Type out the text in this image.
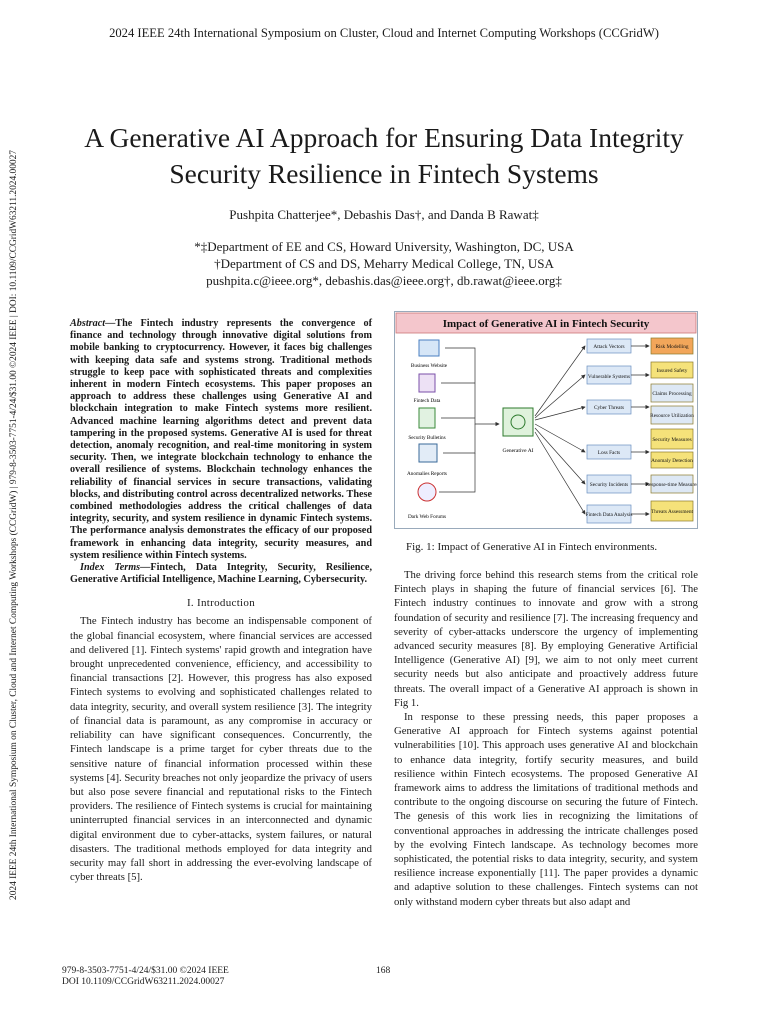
2024 IEEE 24th International Symposium on Cluster, Cloud and Internet Computing Workshops (CCGridW)
2024 IEEE 24th International Symposium on Cluster, Cloud and Internet Computing Workshops (CCGridW) | 979-8-3503-7751-4/24/$31.00 ©2024 IEEE | DOI: 10.1109/CCGridW63211.2024.00027
A Generative AI Approach for Ensuring Data Integrity Security Resilience in Fintech Systems
Pushpita Chatterjee*, Debashis Das†, and Danda B Rawat‡
*‡Department of EE and CS, Howard University, Washington, DC, USA
†Department of CS and DS, Meharry Medical College, TN, USA
pushpita.c@ieee.org*, debashis.das@ieee.org†, db.rawat@ieee.org‡
Abstract—The Fintech industry represents the convergence of finance and technology through innovative digital solutions from mobile banking to cryptocurrency. However, it faces big challenges with keeping data safe and systems strong. Traditional methods struggle to keep pace with sophisticated threats and complexities inherent in modern Fintech ecosystems. This paper proposes an approach to address these challenges using Generative AI and blockchain integration to make Fintech systems more resilient. Advanced machine learning algorithms detect and prevent data tampering in the proposed systems. Generative AI is used for threat detection, anomaly recognition, and real-time monitoring in system security. Then, we integrate blockchain technology to enhance the overall resilience of systems. Blockchain technology enhances the reliability of financial services in secure transactions, validating blocks, and distributing control across decentralized networks. These combined methodologies address the critical challenges of data integrity, security, and system resilience in dynamic Fintech systems. The performance analysis demonstrates the efficacy of our proposed framework in enhancing data integrity, security measures, and system resilience within Fintech systems.
Index Terms—Fintech, Data Integrity, Security, Resilience, Generative Artificial Intelligence, Machine Learning, Cybersecurity.
I. Introduction

The Fintech industry has become an indispensable component of the global financial ecosystem, where financial services are accessed and delivered [1]. Fintech systems' rapid growth and integration have brought unprecedented convenience, efficiency, and accessibility to financial transactions [2]. However, this progress has also exposed Fintech systems to evolving and sophisticated challenges related to data integrity, security, and overall system resilience [3]. The integrity of financial data is paramount, as any compromise in accuracy or reliability can have significant consequences. Concurrently, the Fintech landscape is a prime target for cyber threats due to the sensitive nature of financial information processed within these systems [4]. Security breaches not only jeopardize the privacy of users but also pose severe financial and reputational risks to the Fintech providers. The resilience of Fintech systems is crucial for maintaining uninterrupted financial services in an interconnected and dynamic digital environment due to cyber-attacks, system failures, or natural disasters. The traditional methods employed for data integrity and security may fall short in addressing the ever-evolving landscape of cyber threats [5].

Impact of Generative AI in Fintech Security
Business Website
Fintech Data
Security Bulletins
Anomalies Reports
Dark Web Forums
Generative AI
Attack Vectors
Vulnerable Systems
Cyber Threats
Loss Facts
Security Incidents
Fintech Data Analysis
Risk Modelling
Insured Safety
Claims Processing
Resource Utilization
Security Measures
Anomaly Detection
Response-time Measures
Threats Assessment
Fig. 1: Impact of Generative AI in Fintech environments.

The driving force behind this research stems from the critical role Fintech plays in shaping the future of financial services [6]. The Fintech industry continues to innovate and grow with a strong foundation of security and resilience [7]. The increasing frequency and severity of cyber-attacks underscore the urgency of implementing advanced security measures [8]. By employing Generative Artificial Intelligence (Generative AI) [9], we aim to not only meet current security needs but also anticipate and proactively address future threats. The overall impact of a Generative AI approach is shown in Fig 1.

In response to these pressing needs, this paper proposes a Generative AI approach for Fintech systems against potential vulnerabilities [10]. This approach uses generative AI and blockchain to enhance data integrity, fortify security measures, and build resilience within Fintech ecosystems. The proposed Generative AI framework aims to address the limitations of traditional methods and contribute to the ongoing discourse on securing the future of Fintech. The genesis of this work lies in recognizing the limitations of conventional approaches in addressing the intricate challenges posed by the evolving Fintech landscape. As technology becomes more sophisticated, the potential risks to data integrity, security, and system resilience increase exponentially [11]. The paper provides a dynamic and adaptive solution to these challenges. Fintech systems can not only withstand modern cyber threats but also adapt and

979-8-3503-7751-4/24/$31.00 ©2024 IEEE
DOI 10.1109/CCGridW63211.2024.00027
168
